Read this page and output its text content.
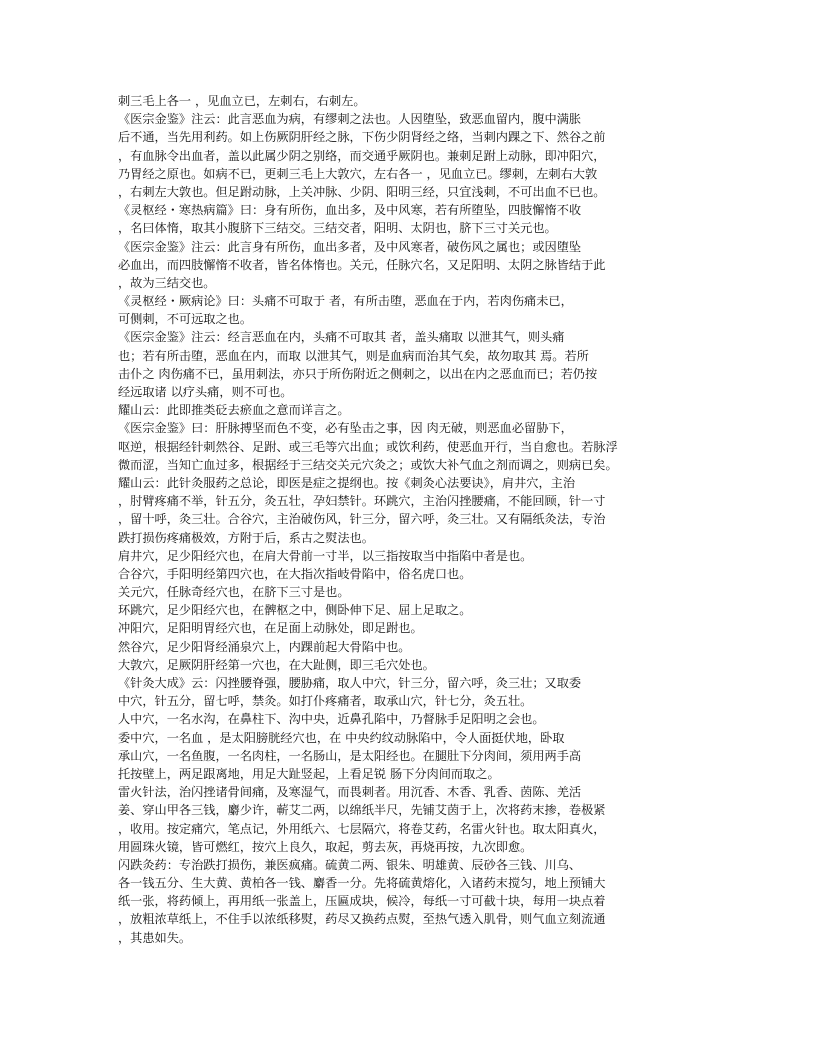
刺三毛上各一 ，见血立已，左刺右，右刺左。
《医宗金鉴》注云：此言恶血为病，有缪刺之法也。人因堕坠，致恶血留内，腹中满胀
后不通，当先用利药。如上伤厥阴肝经之脉，下伤少阴肾经之络，当刺内踝之下、然谷之前
，有血脉令出血者，盖以此属少阴之别络，而交通乎厥阴也。兼刺足跗上动脉，即冲阳穴，
乃胃经之原也。如病不已，更刺三毛上大敦穴，左右各一 ，见血立已。缪刺，左刺右大敦
，右刺左大敦也。但足跗动脉，上关冲脉、少阴、阳明三经，只宜浅刺，不可出血不已也。
《灵枢经・寒热病篇》曰：身有所伤，血出多，及中风寒，若有所堕坠，四肢懈惰不收
，名曰体惰，取其小腹脐下三结交。三结交者，阳明、太阴也，脐下三寸关元也。
《医宗金鉴》注云：此言身有所伤，血出多者，及中风寒者，破伤风之属也；或因堕坠
必血出，而四肢懈惰不收者，皆名体惰也。关元，任脉穴名，又足阳明、太阴之脉皆结于此
，故为三结交也。
《灵枢经・厥病论》曰：头痛不可取于 者，有所击堕，恶血在于内，若肉伤痛未已，
可侧刺，不可远取之也。
《医宗金鉴》注云：经言恶血在内，头痛不可取其 者，盖头痛取 以泄其气，则头痛
也；若有所击堕，恶血在内，而取 以泄其气，则是血病而治其气矣，故勿取其 焉。若所
击仆之 肉伤痛不已，虽用刺法，亦只于所伤附近之侧刺之，以出在内之恶血而已；若仍按
经远取诸 以疗头痛，则不可也。
耀山云：此即推类砭去瘀血之意而详言之。
《医宗金鉴》曰：肝脉搏坚而色不变，必有坠击之事，因 肉无破，则恶血必留胁下，
呕逆，根据经针刺然谷、足跗、或三毛等穴出血；或饮利药，使恶血开行，当自愈也。若脉浮
微而涩，当知亡血过多，根据经于三结交关元穴灸之；或饮大补气血之剂而调之，则病已矣。
耀山云：此针灸服药之总论，即医是症之提纲也。按《刺灸心法要诀》，肩井穴，主治
，肘臂疼痛不举，针五分，灸五壮，孕妇禁针。环跳穴，主治闪挫腰痛，不能回顾，针一寸
，留十呼，灸三壮。合谷穴，主治破伤风，针三分，留六呼，灸三壮。又有隔纸灸法，专治
跌打损伤疼痛极效，方附于后，系古之熨法也。
肩井穴，足少阳经穴也，在肩大骨前一寸半，以三指按取当中指陷中者是也。
合谷穴，手阳明经第四穴也，在大指次指岐骨陷中，俗名虎口也。
关元穴，任脉奇经穴也，在脐下三寸是也。
环跳穴，足少阳经穴也，在髀枢之中，侧卧伸下足、屈上足取之。
冲阳穴，足阳明胃经穴也，在足面上动脉处，即足跗也。
然谷穴，足少阳肾经涌泉穴上，内踝前起大骨陷中也。
大敦穴，足厥阴肝经第一穴也，在大趾侧，即三毛穴处也。
《针灸大成》云：闪挫腰脊强，腰胁痛，取人中穴，针三分，留六呼，灸三壮；又取委
中穴，针五分，留七呼，禁灸。如打仆疼痛者，取承山穴，针七分，灸五壮。
人中穴，一名水沟，在鼻柱下、沟中央，近鼻孔陷中，乃督脉手足阳明之会也。
委中穴，一名血 ，是太阳膀胱经穴也，在 中央约纹动脉陷中，令人面挺伏地，卧取
承山穴，一名鱼腹，一名肉柱，一名肠山，是太阳经也。在腿肚下分肉间，须用两手高
托按壁上，两足跟离地，用足大趾竖起，上看足锐 肠下分肉间而取之。
雷火针法，治闪挫诸骨间痛，及寒湿气，而畏刺者。用沉香、木香、乳香、茵陈、羌活
姜、穿山甲各三钱，麝少许，蕲艾二两，以绵纸半尺，先铺艾茵于上，次将药末掺，卷极紧
，收用。按定痛穴，笔点记，外用纸六、七层隔穴，将卷艾药，名雷火针也。取太阳真火，
用圆珠火镜，皆可燃红，按穴上良久，取起，剪去灰，再烧再按，九次即愈。
闪跌灸药：专治跌打损伤，兼医疯痛。硫黄二两、银朱、明雄黄、辰砂各三钱、川乌、
各一钱五分、生大黄、黄柏各一钱、麝香一分。先将硫黄熔化，入诸药末搅匀，地上预铺大
纸一张，将药倾上，再用纸一张盖上，压匾成块，候冷，每纸一寸可截十块，每用一块点着
，放粗浓草纸上，不住手以浓纸移熨，药尽又换药点熨，至热气透入肌骨，则气血立刻流通
，其患如失。
